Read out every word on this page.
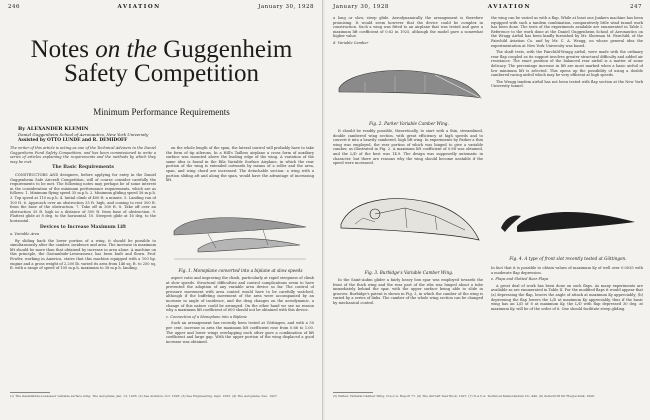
246	AVIATION	January 30, 1928
Notes on the Guggenheim
Safety Competition
Minimum Performance Requirements
By ALEXANDER KLEMIN
Daniel Guggenheim School of Aeronautics, New York University
Assisted by OTTO LUNDE and R. DEMIDOFF

The writer of this article is acting as one of the Technical Advisers to the Daniel Guggenheim Fund Safety Competition, and has been commissioned to write a series of articles explaining the requirements and the methods by which they may be met.

The Basic Requirements

CONSTRUCTORS AND designers, before applying for entry in the Daniel Guggenheim Safe Aircraft Competition, will of course consider carefully the requirements to be met. The following notes may perhaps be of some interest in the consideration of the minimum performance requirements, which are as follows: 1. Minimum flying speed 35 m.p.h. 2. Minimum gliding speed 38 m.p.h. 3. Top speed at 110 m.p.h. 4. Initial climb of 400 ft. a minute. 5. Landing run of 100 ft. 6. Approach over an obstruction 35 ft. high, and coming to rest 300 ft. from the base of the obstruction. 7. Take off in 300 ft. 8. Take off over an obstruction 35 ft. high in a distance of 500 ft. from base of obstruction. 9. Flattest glide at 8 deg. to the horizontal. 10. Steepest glide at 16 deg. to the horizontal.

Devices to Increase Maximum Lift

a. Variable Area

By sliding back the lower portion of a wing, it should be possible to simultaneously alter the camber, incidence and area. The increase in maximum lift should be more than that obtained by increase in area alone. A machine on this principle, the Gastambide-Levavasseur, has been built and flown. Prof. Fowler, working in America, states that this machine equipped with a 100 hp. engine and a gross weight of 2,200 lb. varied its area from 146 sq. ft. to 250 sq. ft. with a range of speed of 100 m.p.h. maximum to 38 m.p.h. landing.

on the whole length of the span, the lateral control will probably have to take the form of tip ailerons. In a Hill's Tailless airplane a cross form of auxiliary surface was mounted above the leading edge of the wing. A variation of the same idea is found in the Rila Variable Surface Airplane, in which the rear portion of the wing is extended outwards by means of a roller and the area, span, and wing chord are increased. The detachable section: a wing with a portion sliding aft and along the span, would have the advantage of increasing lift.

Fig. 1. Monoplane converted into a biplane at slow speeds

aspect ratio and improving the climb, particularly at rapid steepness of climb at slow speeds. Structural difficulties and control complications seem to have prevented the adoption of any variable area device so far. The control of pressure movement with area control would have to be carefully watched, although if the buffeting movement of the area were accompanied by an increase in angle of incidence, and the drag changes on the aerodynamic, a change of this nature could be arranged. On the other hand we see no reason why a maximum lift coefficient of 600 should not be obtained with this device.

c. Connection of a Monoplane into a Biplane

Such an arrangement has recently been tested at Göttingen, and with a 50 per cent. increase in area the maximum lift coefficient rose from 0.66 to 1.00. The upper and lower wings overlapping each other gave a combination of lift coefficient and large gap. With the upper portion of the wing displaced a good increase was obtained.

(1) The Gastambide-Levasseur variable surface wing, The Aeroplane, Jan. 13, 1926. (2) See Aviation, Oct. 1926. (3) See Engineering, Sept. 1925. (4) The Aeroplane, Dec. 1927.
January 30, 1928	AVIATION	247

a long or slow, steep glide. Aerodynamically the arrangement is therefore promising. It would seem however that the device could be complex in construction. Such a wing was fitted to an airplane that was tested and gave a maximum lift coefficient of 0.62 in 1925, although the model gave a somewhat higher value.

d. Variable Camber

Fig. 2. Parker Variable Camber Wing.

It should be readily possible, theoretically, to start with a thin, streamlined, double cambered wing section, with great efficiency at high speeds and to convert it into a heavily cambered, high lift wing. In experiments by Parker a thin wing was employed, the rear portion of which was hinged to give a variable camber, as illustrated in Fig. 2. A maximum lift coefficient of 0.88 was obtained, and the L/D of the best was 14.9. The design was supposedly automatic in character, but there are reasons why the wing should become unstable if the speed were increased.

Fig. 3. Burbidge's Variable Camber Wing.

In the Saint-Aubin glider a fairly heavy box spar was employed towards the front of the thick wing and the rear part of the ribs was hinged about a tube immediately behind the spar, with the upper surface being able to slide in grooves. Burbidge's patent is shown in Fig. 3, in which the camber of the wing is varied by a series of links. The camber of the whole wing section can be changed by mechanical control.

the wing can be varied as with a flap. While at least one Junkers machine has been equipped with such a tandem combination, comparatively little wind tunnel work has been done. The tests of the experiments available are enumerated in Table I. Reference to the work done at the Daniel Guggenheim School of Aeronautics on the Wragg Airfoil has been kindly furnished by Mr. Sherman M. Fairchild, of the Fairchild Aviation Co. and by Mr. C. A. Wragg, on whose general idea the experimentation at New York University was based.

The shaft tests, with the Fairchild-Wragg airfoil, were made with the ordinary rear flap coupled as its support involves greater structural difficulty and added air resistance. The exact position of the balanced rear airfoil is a matter of some delicacy. The percentage increase in lift are most marked when a basic airfoil of low minimum lift is selected. This opens up the possibility of using a double cambered racing airfoil which may be very efficient at high speeds.

The Wragg tandem airfoil has not been tested with flap section at the New York University tunnel.

Fig. 4. A type of front slot recently tested at Göttingen.

In fact that it is possible to obtain values of maximum Ky of well over 0.0035 with a moderate flap depression.

e. Flaps and Slotted Rear Flaps

A great deal of work has been done on such flaps. As many experiments are available as are enumerated in Table II. For the modified flaps it would appear that (a) depressing the flap, lowers the angle of attack at maximum Ky appreciably; (b) depressing the flap lowers the L/D at maximum Ky appreciably, thus if the basic wing has an L/D of 8 at maximum Ky, the L/D with flap depressed 30 deg. at maximum Ky, will be of the order of 6. One should facilitate steep gliding.

(5) Parker, Variable Camber Wing, N.A.C.A. Report 77. (6) The Aircraft Year Book, 1927. (7) N.A.C.A. Technical Memorandum No. 446. (8) Zeitschrift für Flugtechnik, 1926.
